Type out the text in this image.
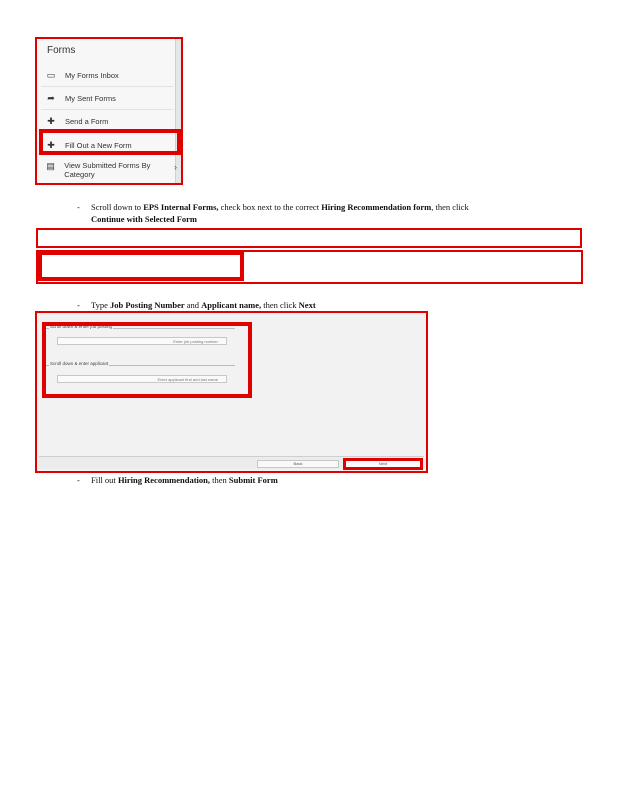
Forms
▭ My Forms Inbox
➦ My Sent Forms
✚ Send a Form
✚ Fill Out a New Form
▤ View Submitted Forms By Category
›
- Scroll down to EPS Internal Forms, check box next to the correct Hiring Recommendation form, then click
Continue with Selected Form
- Type Job Posting Number and Applicant name, then click Next
Scroll down & enter job posting
Enter job posting number
Scroll down & enter applicant
Enter applicant first and last name
Back	Next
- Fill out Hiring Recommendation, then Submit Form
